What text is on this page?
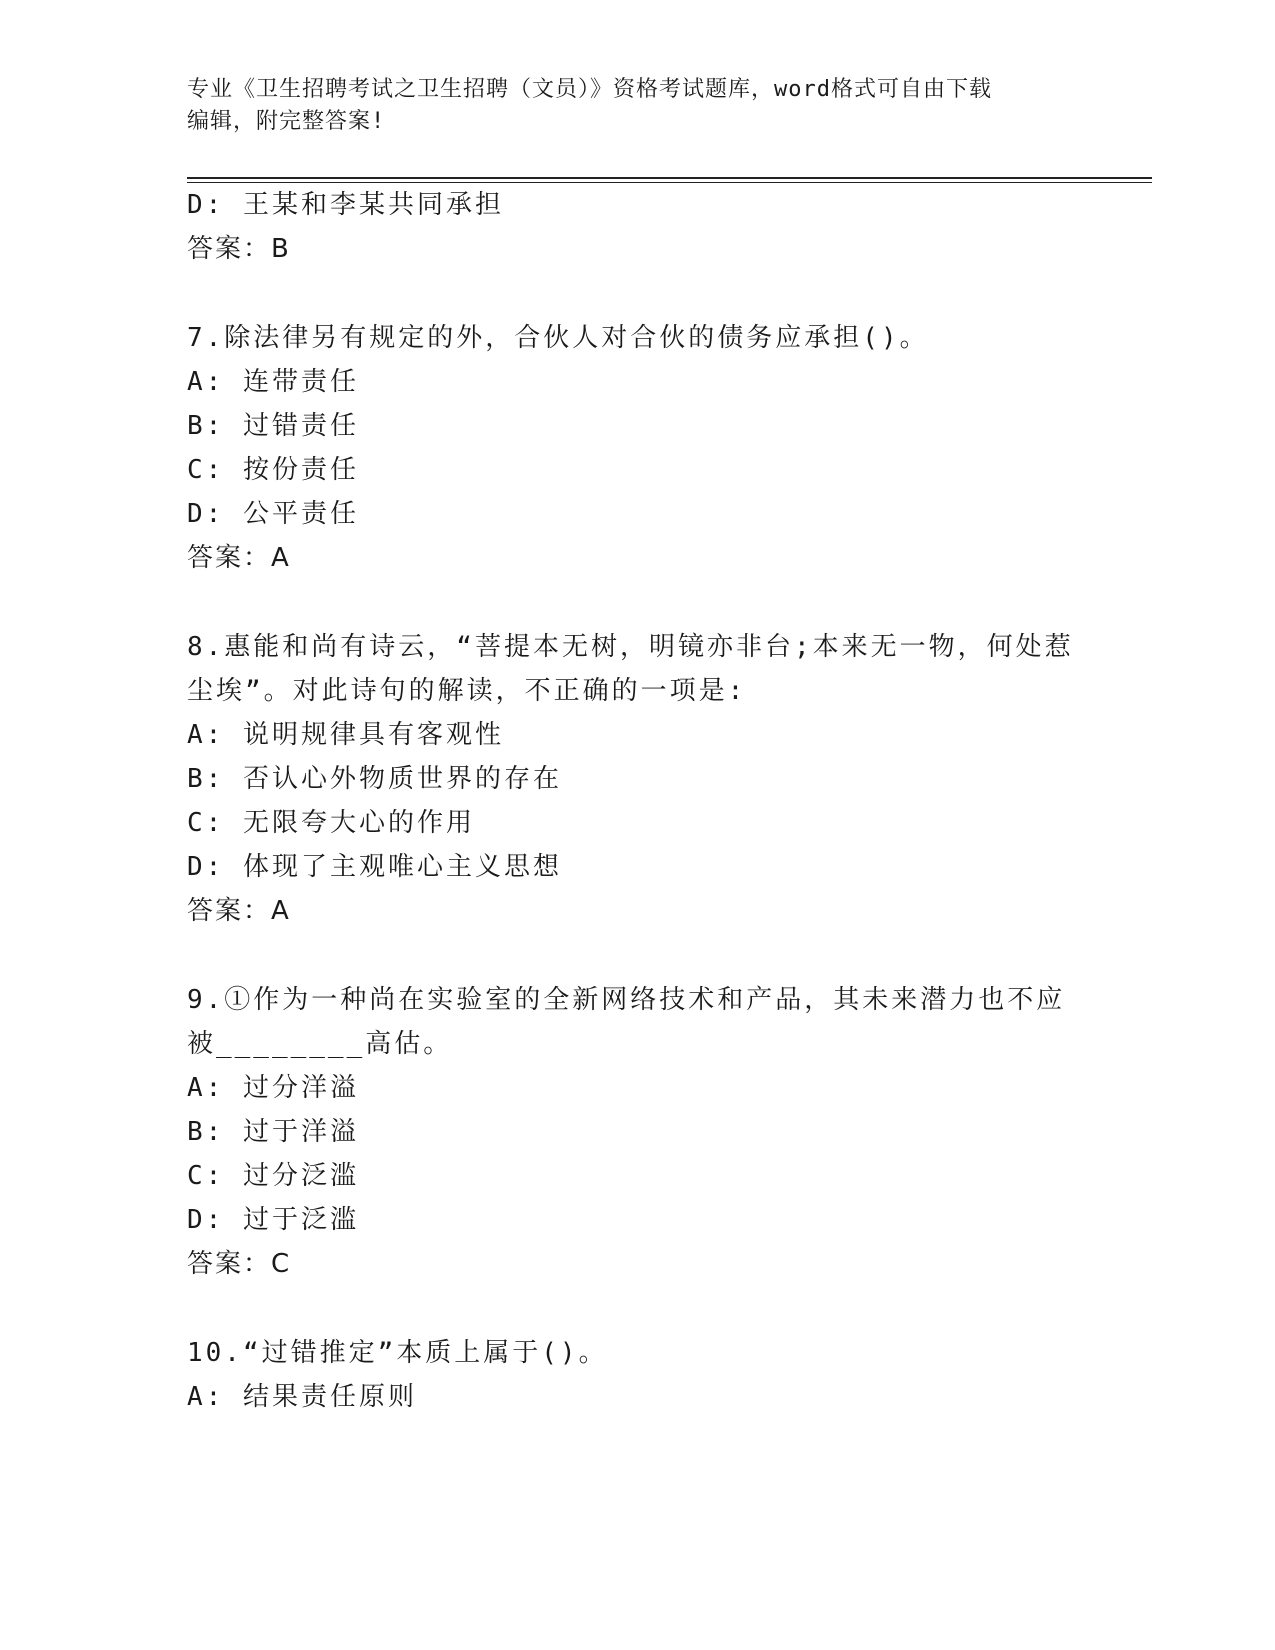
专业《卫生招聘考试之卫生招聘（文员）》资格考试题库，word格式可自由下载
编辑，附完整答案!
D: 王某和李某共同承担
答案：B
7.除法律另有规定的外，合伙人对合伙的债务应承担()。
A: 连带责任
B: 过错责任
C: 按份责任
D: 公平责任
答案：A
8.惠能和尚有诗云，“菩提本无树，明镜亦非台;本来无一物，何处惹
尘埃”。对此诗句的解读，不正确的一项是:
A: 说明规律具有客观性
B: 否认心外物质世界的存在
C: 无限夸大心的作用
D: 体现了主观唯心主义思想
答案：A
9.①作为一种尚在实验室的全新网络技术和产品，其未来潜力也不应
被________高估。
A: 过分洋溢
B: 过于洋溢
C: 过分泛滥
D: 过于泛滥
答案：C
10.“过错推定”本质上属于()。
A: 结果责任原则
